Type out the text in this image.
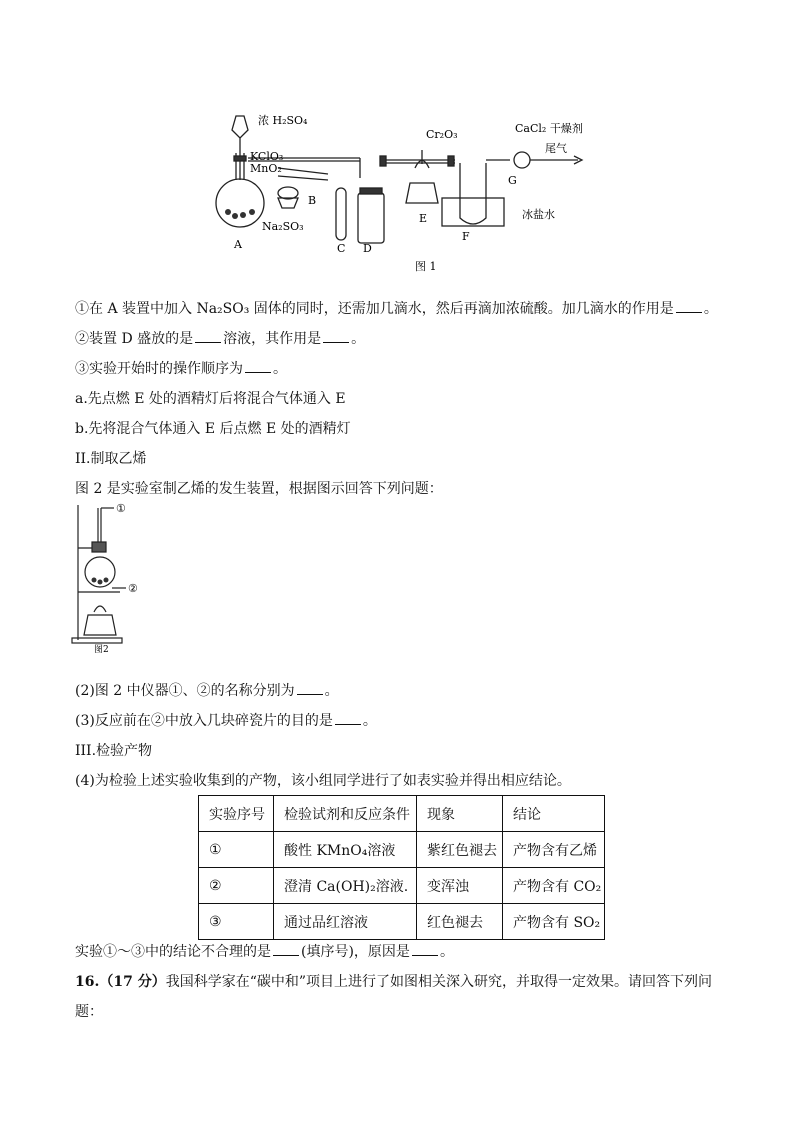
浓 H₂SO₄
KClO₃
MnO₂
Na₂SO₃
Cr₂O₃	CaCl₂ 干燥剂
尾气
冰盐水
A
B
C D
E
F
G
图 1
①在 A 装置中加入 Na₂SO₃ 固体的同时，还需加几滴水，然后再滴加浓硫酸。加几滴水的作用是 。
②装置 D 盛放的是 溶液，其作用是 。
③实验开始时的操作顺序为 。
a.先点燃 E 处的酒精灯后将混合气体通入 E
b.先将混合气体通入 E 后点燃 E 处的酒精灯
II.制取乙烯
图 2 是实验室制乙烯的发生装置，根据图示回答下列问题：
①
②
图2
(2)图 2 中仪器①、②的名称分别为 。
(3)反应前在②中放入几块碎瓷片的目的是 。
III.检验产物
(4)为检验上述实验收集到的产物，该小组同学进行了如表实验并得出相应结论。
实验序号	检验试剂和反应条件	现象	结论
①	酸性 KMnO₄溶液	紫红色褪去	产物含有乙烯
②	澄清 Ca(OH)₂溶液.	变浑浊	产物含有 CO₂
③	通过品红溶液	红色褪去	产物含有 SO₂
实验①～③中的结论不合理的是 (填序号)，原因是 。
16.（17 分）我国科学家在“碳中和”项目上进行了如图相关深入研究，并取得一定效果。请回答下列问
题：
